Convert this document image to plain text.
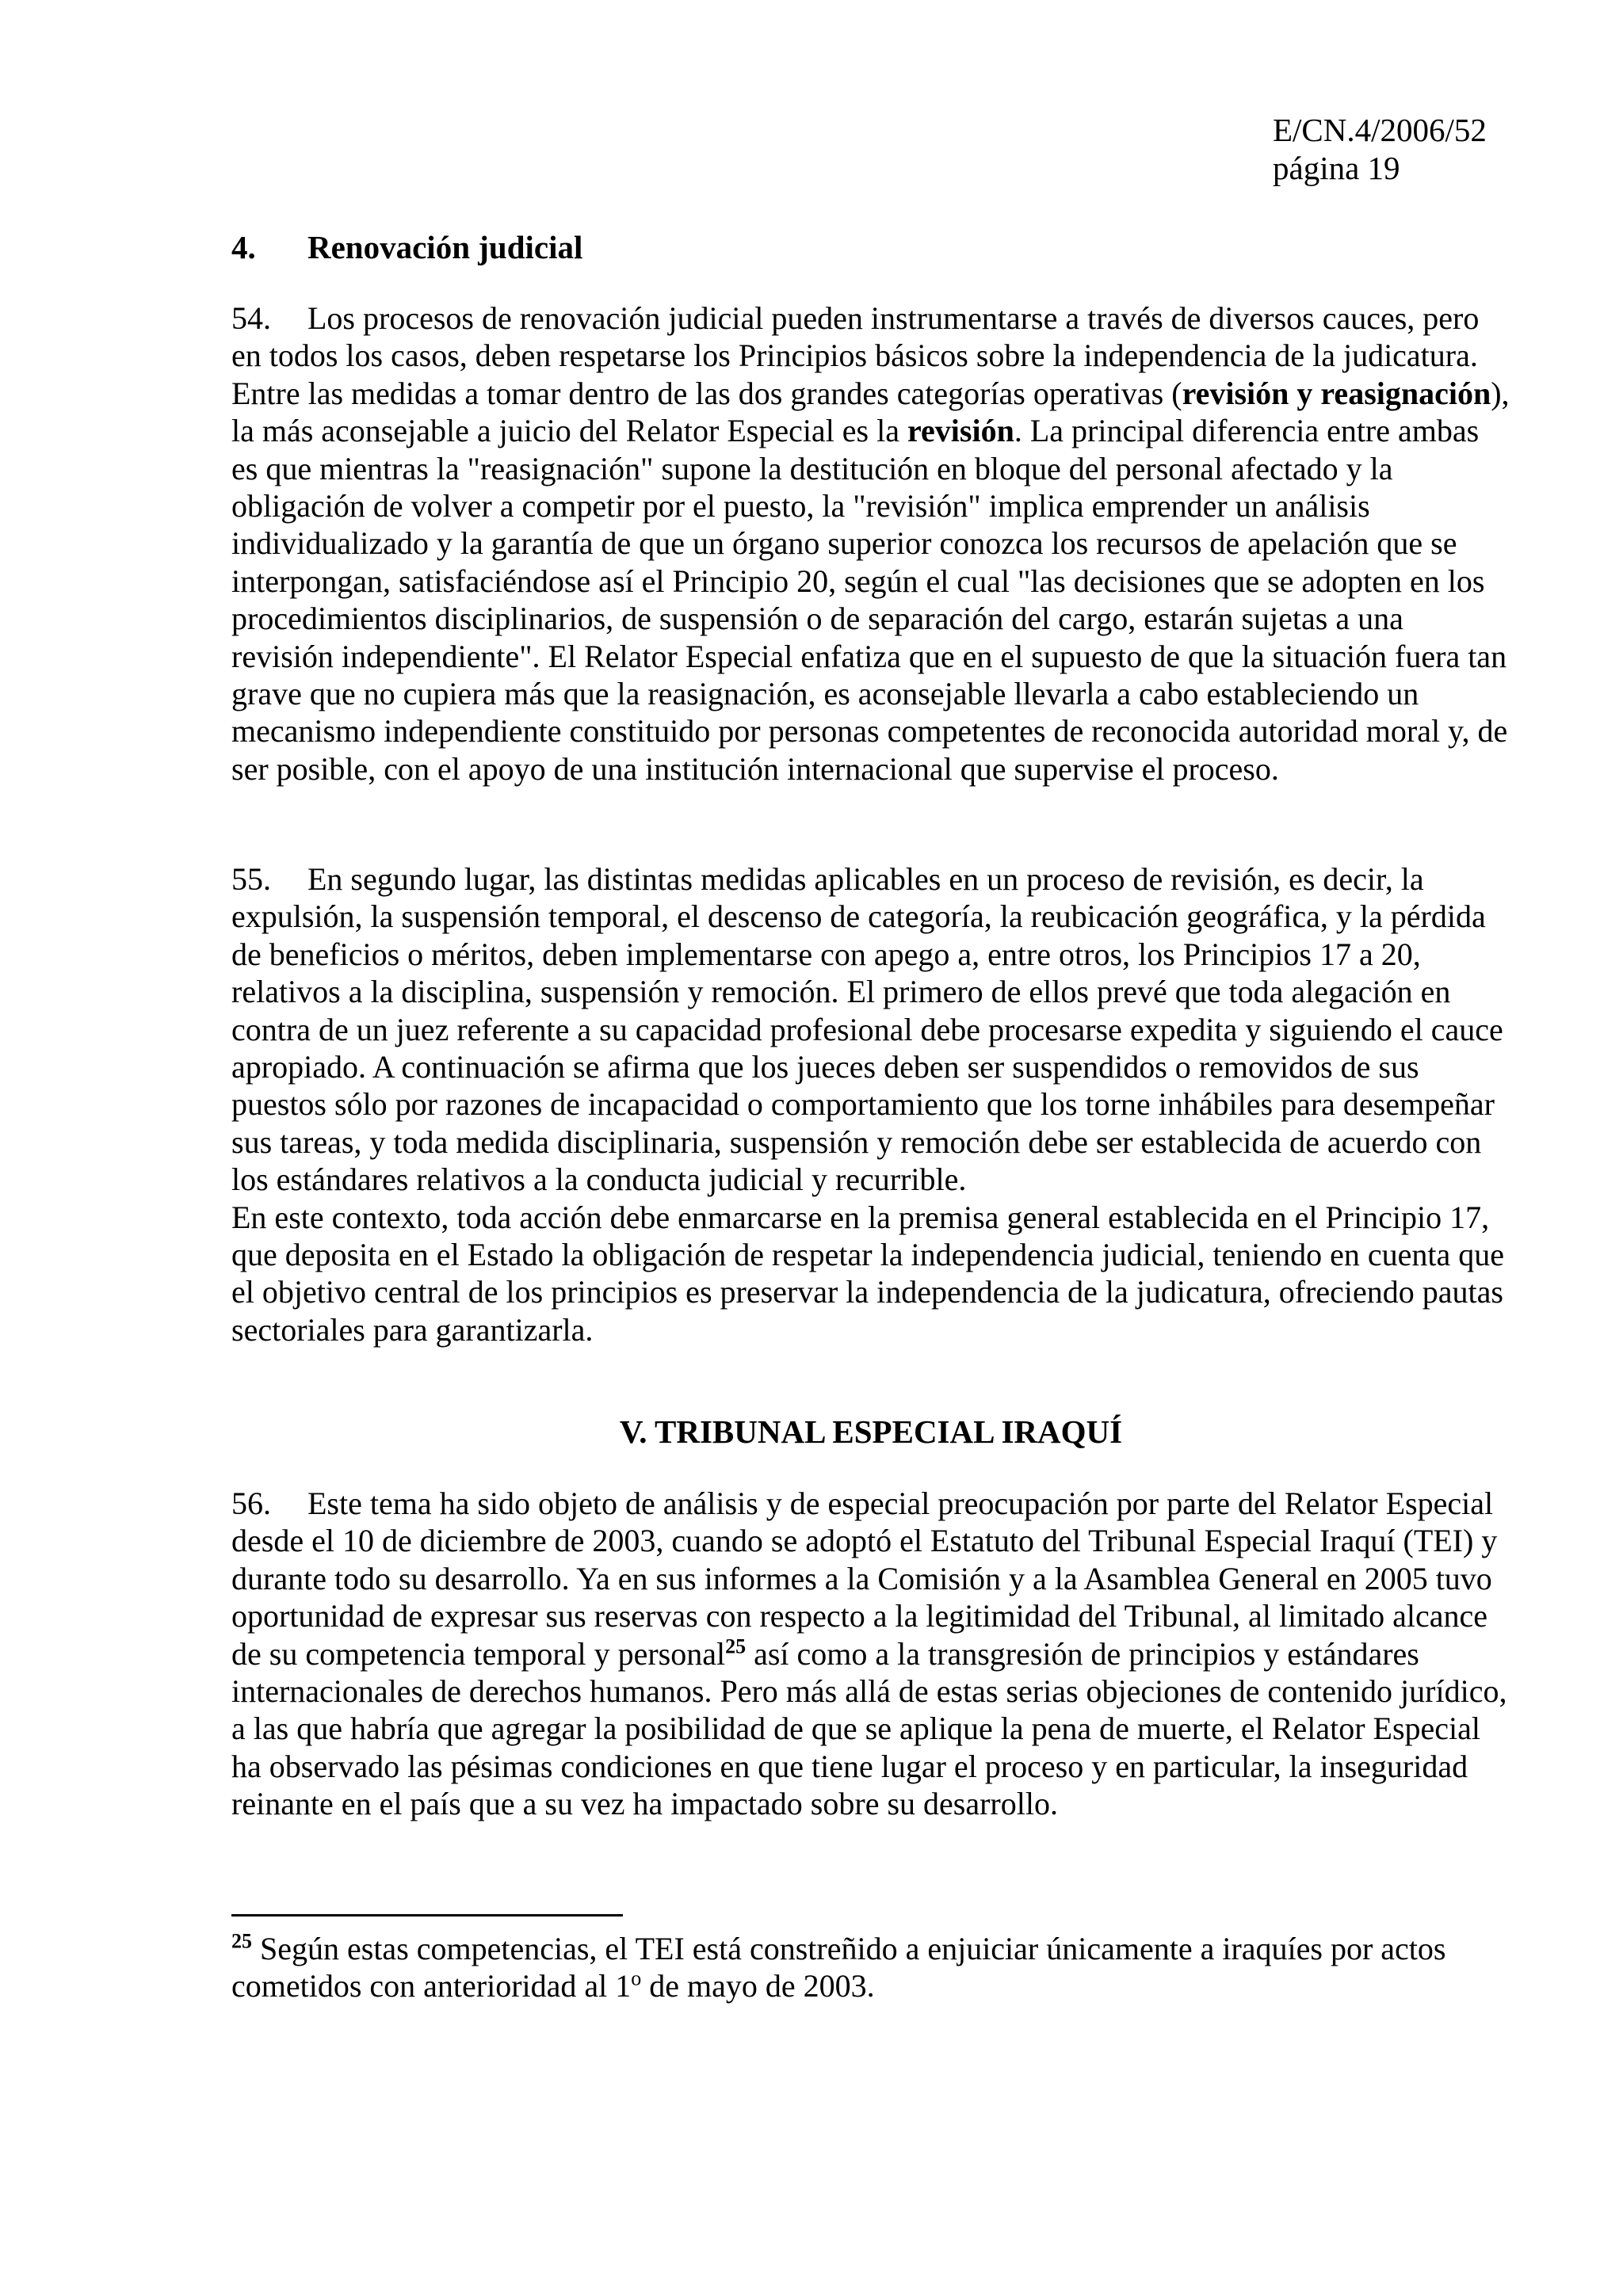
E/CN.4/2006/52
página 19
4. Renovación judicial

54. Los procesos de renovación judicial pueden instrumentarse a través de diversos cauces, pero en todos los casos, deben respetarse los Principios básicos sobre la independencia de la judicatura. Entre las medidas a tomar dentro de las dos grandes categorías operativas (revisión y reasignación), la más aconsejable a juicio del Relator Especial es la revisión. La principal diferencia entre ambas es que mientras la "reasignación" supone la destitución en bloque del personal afectado y la obligación de volver a competir por el puesto, la "revisión" implica emprender un análisis individualizado y la garantía de que un órgano superior conozca los recursos de apelación que se interpongan, satisfaciéndose así el Principio 20, según el cual "las decisiones que se adopten en los procedimientos disciplinarios, de suspensión o de separación del cargo, estarán sujetas a una revisión independiente". El Relator Especial enfatiza que en el supuesto de que la situación fuera tan grave que no cupiera más que la reasignación, es aconsejable llevarla a cabo estableciendo un mecanismo independiente constituido por personas competentes de reconocida autoridad moral y, de ser posible, con el apoyo de una institución internacional que supervise el proceso.

55. En segundo lugar, las distintas medidas aplicables en un proceso de revisión, es decir, la expulsión, la suspensión temporal, el descenso de categoría, la reubicación geográfica, y la pérdida de beneficios o méritos, deben implementarse con apego a, entre otros, los Principios 17 a 20, relativos a la disciplina, suspensión y remoción. El primero de ellos prevé que toda alegación en contra de un juez referente a su capacidad profesional debe procesarse expedita y siguiendo el cauce apropiado. A continuación se afirma que los jueces deben ser suspendidos o removidos de sus puestos sólo por razones de incapacidad o comportamiento que los torne inhábiles para desempeñar sus tareas, y toda medida disciplinaria, suspensión y remoción debe ser establecida de acuerdo con los estándares relativos a la conducta judicial y recurrible.
En este contexto, toda acción debe enmarcarse en la premisa general establecida en el Principio 17, que deposita en el Estado la obligación de respetar la independencia judicial, teniendo en cuenta que el objetivo central de los principios es preservar la independencia de la judicatura, ofreciendo pautas sectoriales para garantizarla.

V. TRIBUNAL ESPECIAL IRAQUÍ

56. Este tema ha sido objeto de análisis y de especial preocupación por parte del Relator Especial desde el 10 de diciembre de 2003, cuando se adoptó el Estatuto del Tribunal Especial Iraquí (TEI) y durante todo su desarrollo. Ya en sus informes a la Comisión y a la Asamblea General en 2005 tuvo oportunidad de expresar sus reservas con respecto a la legitimidad del Tribunal, al limitado alcance de su competencia temporal y personal$^{25}$ así como a la transgresión de principios y estándares internacionales de derechos humanos. Pero más allá de estas serias objeciones de contenido jurídico, a las que habría que agregar la posibilidad de que se aplique la pena de muerte, el Relator Especial ha observado las pésimas condiciones en que tiene lugar el proceso y en particular, la inseguridad reinante en el país que a su vez ha impactado sobre su desarrollo.

$^{25}$ Según estas competencias, el TEI está constreñido a enjuiciar únicamente a iraquíes por actos cometidos con anterioridad al 1$^o$ de mayo de 2003.
